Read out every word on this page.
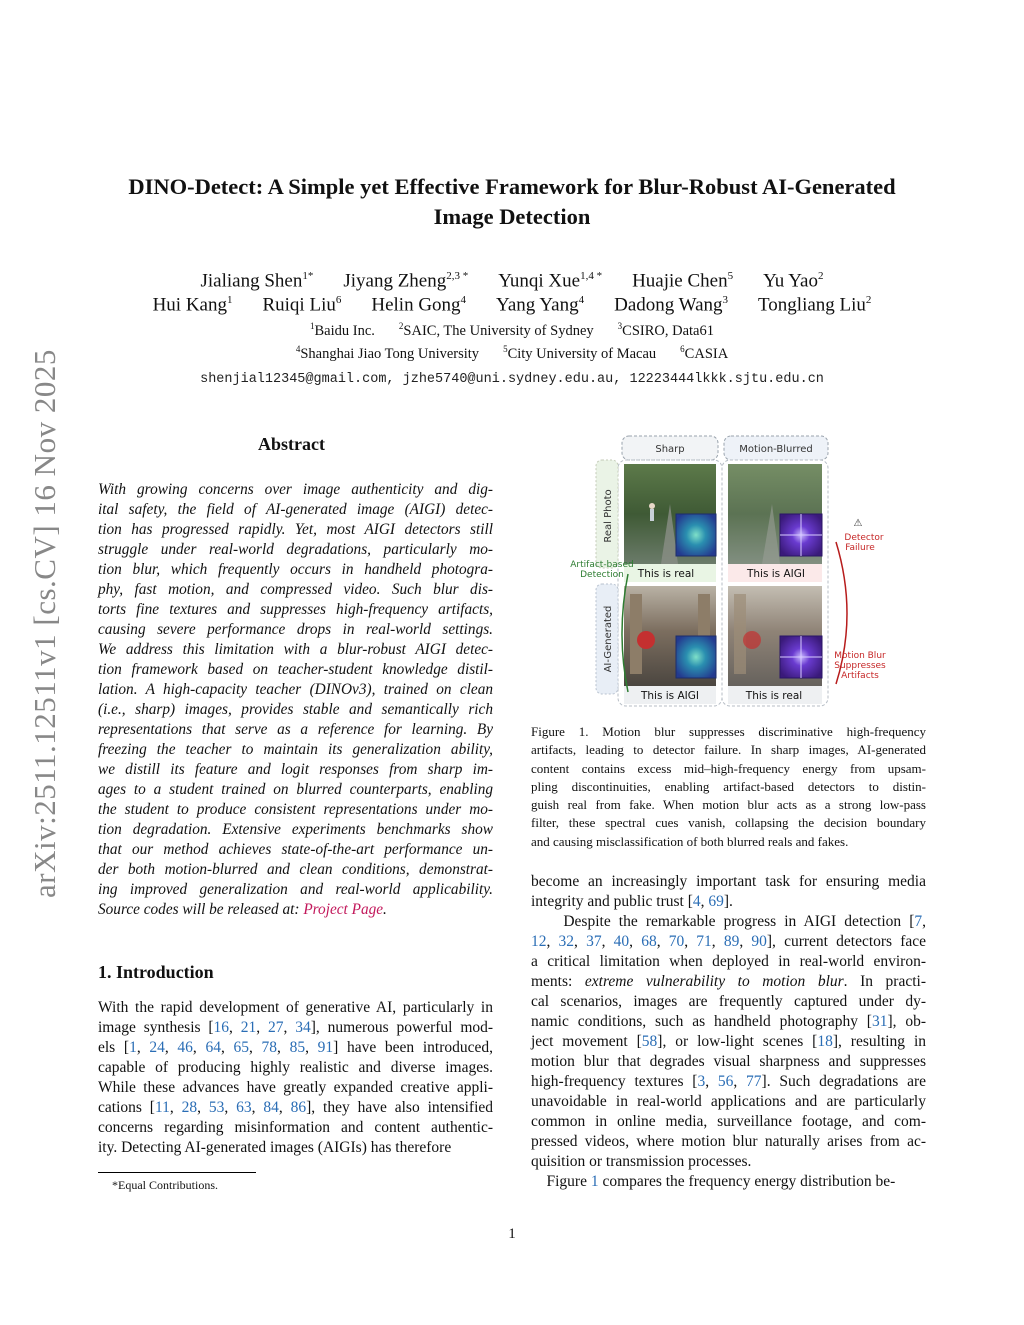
arXiv:2511.12511v1 [cs.CV] 16 Nov 2025
DINO-Detect: A Simple yet Effective Framework for Blur-Robust AI-Generated
Image Detection
Jialiang Shen$^{1*}$ Jiyang Zheng$^{2,3 *}$ Yunqi Xue$^{1,4 *}$ Huajie Chen$^5$ Yu Yao$^2$
Hui Kang$^1$ Ruiqi Liu$^6$ Helin Gong$^4$ Yang Yang$^4$ Dadong Wang$^3$ Tongliang Liu$^2$
$^1$Baidu Inc.	$^2$SAIC, The University of Sydney	$^3$CSIRO, Data61
$^4$Shanghai Jiao Tong University	$^5$City University of Macau	$^6$CASIA
shenjial12345@gmail.com, jzhe5740@uni.sydney.edu.au, 12223444lkkk.sjtu.edu.cn
Abstract

With growing concerns over image authenticity and dig-
ital safety, the field of AI-generated image (AIGI) detec-
tion has progressed rapidly. Yet, most AIGI detectors still
struggle under real-world degradations, particularly mo-
tion blur, which frequently occurs in handheld photogra-
phy, fast motion, and compressed video. Such blur dis-
torts fine textures and suppresses high-frequency artifacts,
causing severe performance drops in real-world settings.
We address this limitation with a blur-robust AIGI detec-
tion framework based on teacher-student knowledge distil-
lation. A high-capacity teacher (DINOv3), trained on clean
(i.e., sharp) images, provides stable and semantically rich
representations that serve as a reference for learning. By
freezing the teacher to maintain its generalization ability,
we distill its feature and logit responses from sharp im-
ages to a student trained on blurred counterparts, enabling
the student to produce consistent representations under mo-
tion degradation. Extensive experiments benchmarks show
that our method achieves state-of-the-art performance un-
der both motion-blurred and clean conditions, demonstrat-
ing improved generalization and real-world applicability.

Source codes will be released at: Project Page.

1. Introduction
With the rapid development of generative AI, particularly in
image synthesis [16, 21, 27, 34], numerous powerful mod-
els [1, 24, 46, 64, 65, 78, 85, 91] have been introduced,
capable of producing highly realistic and diverse images.
While these advances have greatly expanded creative appli-
cations [11, 28, 53, 63, 84, 86], they have also intensified
concerns regarding misinformation and content authentic-
ity. Detecting AI-generated images (AIGIs) has therefore
*Equal Contributions.
Sharp	Motion-Blurred
Real Photo
AI-Generated
This is real	This is AIGI
This is AIGI	This is real
Artifact-based
Detection
⚠
Detector
Failure
Motion Blur
Suppresses
Artifacts
Figure 1. Motion blur suppresses discriminative high-frequency
artifacts, leading to detector failure. In sharp images, AI-generated
content contains excess mid–high-frequency energy from upsam-
pling discontinuities, enabling artifact-based detectors to distin-
guish real from fake. When motion blur acts as a strong low-pass
filter, these spectral cues vanish, collapsing the decision boundary
and causing misclassification of both blurred reals and fakes.
become an increasingly important task for ensuring media
integrity and public trust [4, 69].
Despite the remarkable progress in AIGI detection [7,
12, 32, 37, 40, 68, 70, 71, 89, 90], current detectors face
a critical limitation when deployed in real-world environ-
ments: extreme vulnerability to motion blur. In practi-
cal scenarios, images are frequently captured under dy-
namic conditions, such as handheld photography [31], ob-
ject movement [58], or low-light scenes [18], resulting in
motion blur that degrades visual sharpness and suppresses
high-frequency textures [3, 56, 77]. Such degradations are
unavoidable in real-world applications and are particularly
common in online media, surveillance footage, and com-
pressed videos, where motion blur naturally arises from ac-
quisition or transmission processes.
Figure 1 compares the frequency energy distribution be-
1
